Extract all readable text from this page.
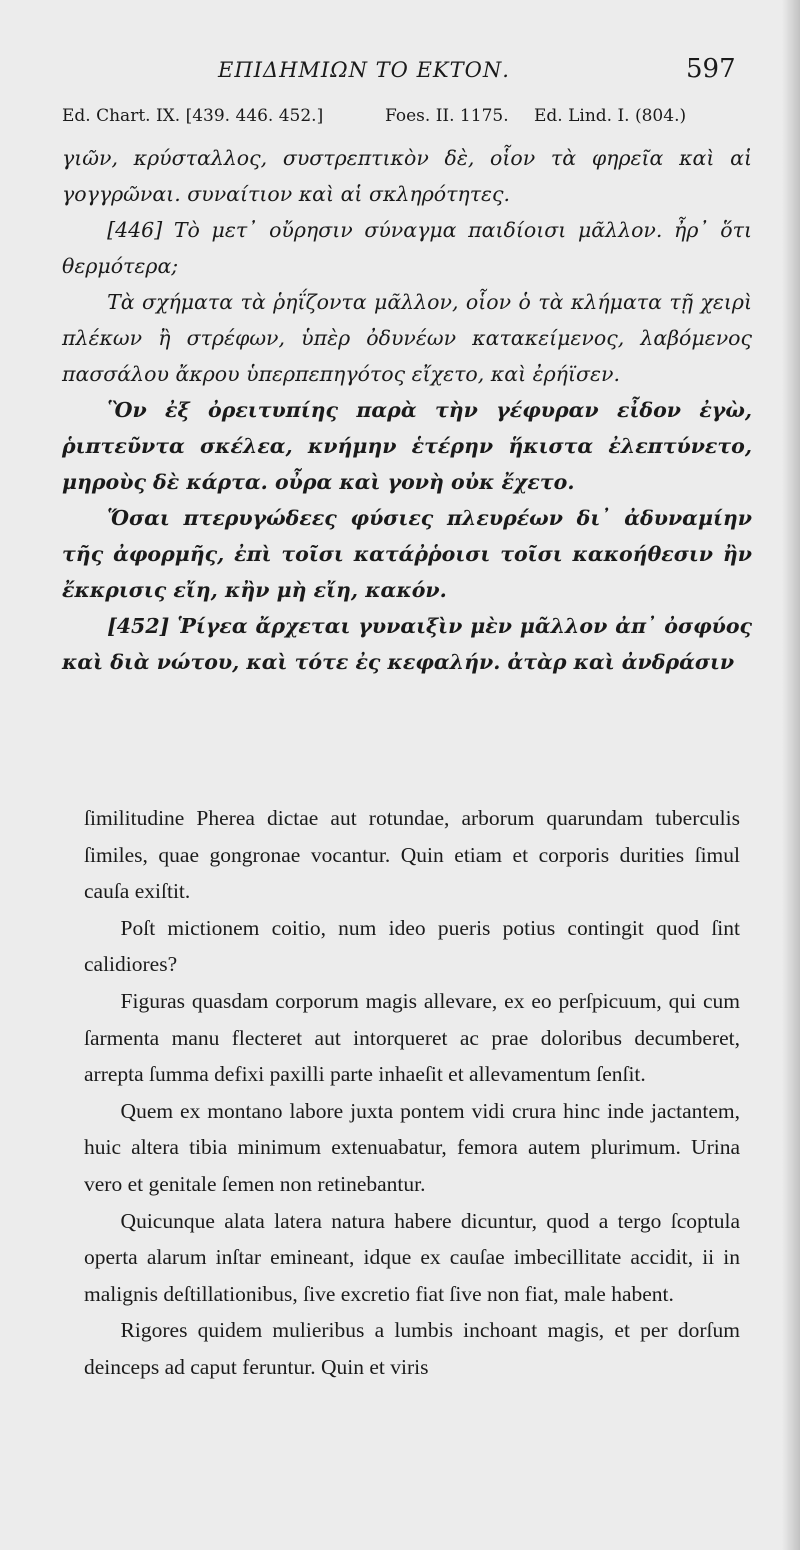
ΕΠΙΔΗΜΙΩΝ ΤΟ ΕΚΤΟΝ.	597
Ed. Chart. IX. [439. 446. 452.]	Foes. II. 1175. Ed. Lind. I. (804.)

γιῶν, κρύσταλλος, συστρεπτικὸν δὲ, οἷον τὰ φηρεῖα καὶ αἱ γογγρῶναι. συναίτιον καὶ αἱ σκληρότητες.

[446] Τὸ μετ᾽ οὔρησιν σύναγμα παιδίοισι μᾶλλον. ἦρ᾽ ὅτι θερμότερα;

Τὰ σχήματα τὰ ῥηΐζοντα μᾶλλον, οἷον ὁ τὰ κλήματα τῇ χειρὶ πλέκων ἢ στρέφων, ὑπὲρ ὀδυνέων κατακείμενος, λαβόμενος πασσάλου ἄκρου ὑπερπεπηγότος εἴχετο, καὶ ἐρήϊσεν.

Ὃν ἐξ ὀρειτυπίης παρὰ τὴν γέφυραν εἶδον ἐγὼ, ῥιπτεῦντα σκέλεα, κνήμην ἑτέρην ἥκιστα ἐλεπτύνετο, μηροὺς δὲ κάρτα. οὖρα καὶ γονὴ οὐκ ἔχετο.

Ὅσαι πτερυγώδεες φύσιες πλευρέων δι᾽ ἀδυναμίην τῆς ἀφορμῆς, ἐπὶ τοῖσι κατάῤῥοισι τοῖσι κακοήθεσιν ἢν ἔκκρισις εἴη, κἢν μὴ εἴη, κακόν.

[452] Ῥίγεα ἄρχεται γυναιξὶν μὲν μᾶλλον ἀπ᾽ ὀσφύος καὶ διὰ νώτου, καὶ τότε ἐς κεφαλήν. ἀτὰρ καὶ ἀνδράσιν

ſimilitudine Pherea dictae aut rotundae, arborum quarundam tuberculis ſimiles, quae gongronae vocantur. Quin etiam et corporis durities ſimul cauſa exiſtit.

Poſt mictionem coitio, num ideo pueris potius contingit quod ſint calidiores?

Figuras quasdam corporum magis allevare, ex eo perſpicuum, qui cum ſarmenta manu flecteret aut intorqueret ac prae doloribus decumberet, arrepta ſumma defixi paxilli parte inhaeſit et allevamentum ſenſit.

Quem ex montano labore juxta pontem vidi crura hinc inde jactantem, huic altera tibia minimum extenuabatur, femora autem plurimum. Urina vero et genitale ſemen non retinebantur.

Quicunque alata latera natura habere dicuntur, quod a tergo ſcoptula operta alarum inſtar emineant, idque ex cauſae imbecillitate accidit, ii in malignis deſtillationibus, ſive excretio fiat ſive non fiat, male habent.

Rigores quidem mulieribus a lumbis inchoant magis, et per dorſum deinceps ad caput feruntur. Quin et viris
